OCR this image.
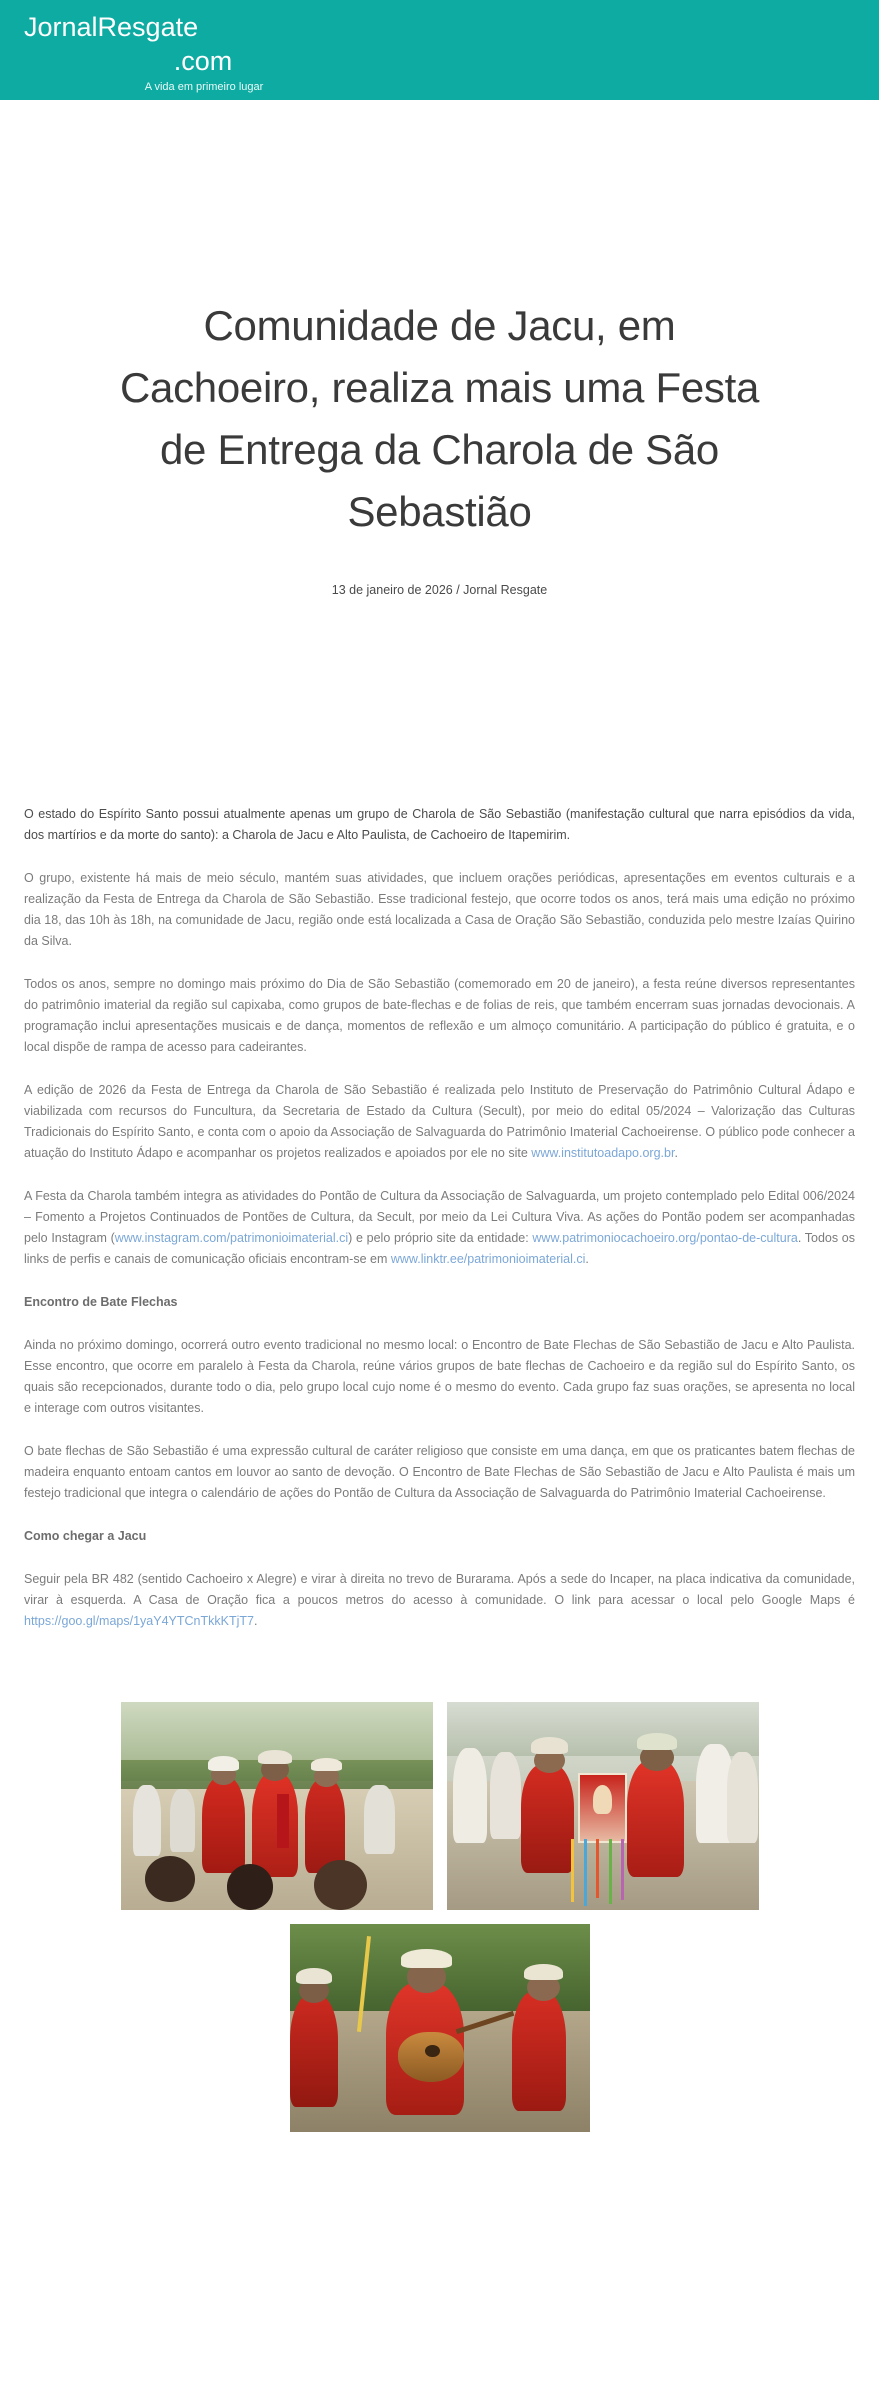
JornalResgate
.com
A vida em primeiro lugar
Comunidade de Jacu, em Cachoeiro, realiza mais uma Festa de Entrega da Charola de São Sebastião
13 de janeiro de 2026 / Jornal Resgate

O estado do Espírito Santo possui atualmente apenas um grupo de Charola de São Sebastião (manifestação cultural que narra episódios da vida, dos martírios e da morte do santo): a Charola de Jacu e Alto Paulista, de Cachoeiro de Itapemirim.

O grupo, existente há mais de meio século, mantém suas atividades, que incluem orações periódicas, apresentações em eventos culturais e a realização da Festa de Entrega da Charola de São Sebastião. Esse tradicional festejo, que ocorre todos os anos, terá mais uma edição no próximo dia 18, das 10h às 18h, na comunidade de Jacu, região onde está localizada a Casa de Oração São Sebastião, conduzida pelo mestre Izaías Quirino da Silva.

Todos os anos, sempre no domingo mais próximo do Dia de São Sebastião (comemorado em 20 de janeiro), a festa reúne diversos representantes do patrimônio imaterial da região sul capixaba, como grupos de bate-flechas e de folias de reis, que também encerram suas jornadas devocionais. A programação inclui apresentações musicais e de dança, momentos de reflexão e um almoço comunitário. A participação do público é gratuita, e o local dispõe de rampa de acesso para cadeirantes.

A edição de 2026 da Festa de Entrega da Charola de São Sebastião é realizada pelo Instituto de Preservação do Patrimônio Cultural Ádapo e viabilizada com recursos do Funcultura, da Secretaria de Estado da Cultura (Secult), por meio do edital 05/2024 – Valorização das Culturas Tradicionais do Espírito Santo, e conta com o apoio da Associação de Salvaguarda do Patrimônio Imaterial Cachoeirense. O público pode conhecer a atuação do Instituto Ádapo e acompanhar os projetos realizados e apoiados por ele no site www.institutoadapo.org.br.

A Festa da Charola também integra as atividades do Pontão de Cultura da Associação de Salvaguarda, um projeto contemplado pelo Edital 006/2024 – Fomento a Projetos Continuados de Pontões de Cultura, da Secult, por meio da Lei Cultura Viva. As ações do Pontão podem ser acompanhadas pelo Instagram (www.instagram.com/patrimonioimaterial.ci) e pelo próprio site da entidade: www.patrimoniocachoeiro.org/pontao-de-cultura. Todos os links de perfis e canais de comunicação oficiais encontram-se em www.linktr.ee/patrimonioimaterial.ci.

Encontro de Bate Flechas

Ainda no próximo domingo, ocorrerá outro evento tradicional no mesmo local: o Encontro de Bate Flechas de São Sebastião de Jacu e Alto Paulista. Esse encontro, que ocorre em paralelo à Festa da Charola, reúne vários grupos de bate flechas de Cachoeiro e da região sul do Espírito Santo, os quais são recepcionados, durante todo o dia, pelo grupo local cujo nome é o mesmo do evento. Cada grupo faz suas orações, se apresenta no local e interage com outros visitantes.

O bate flechas de São Sebastião é uma expressão cultural de caráter religioso que consiste em uma dança, em que os praticantes batem flechas de madeira enquanto entoam cantos em louvor ao santo de devoção. O Encontro de Bate Flechas de São Sebastião de Jacu e Alto Paulista é mais um festejo tradicional que integra o calendário de ações do Pontão de Cultura da Associação de Salvaguarda do Patrimônio Imaterial Cachoeirense.

Como chegar a Jacu

Seguir pela BR 482 (sentido Cachoeiro x Alegre) e virar à direita no trevo de Burarama. Após a sede do Incaper, na placa indicativa da comunidade, virar à esquerda. A Casa de Oração fica a poucos metros do acesso à comunidade. O link para acessar o local pelo Google Maps é https://goo.gl/maps/1yaY4YTCnTkkKTjT7.
